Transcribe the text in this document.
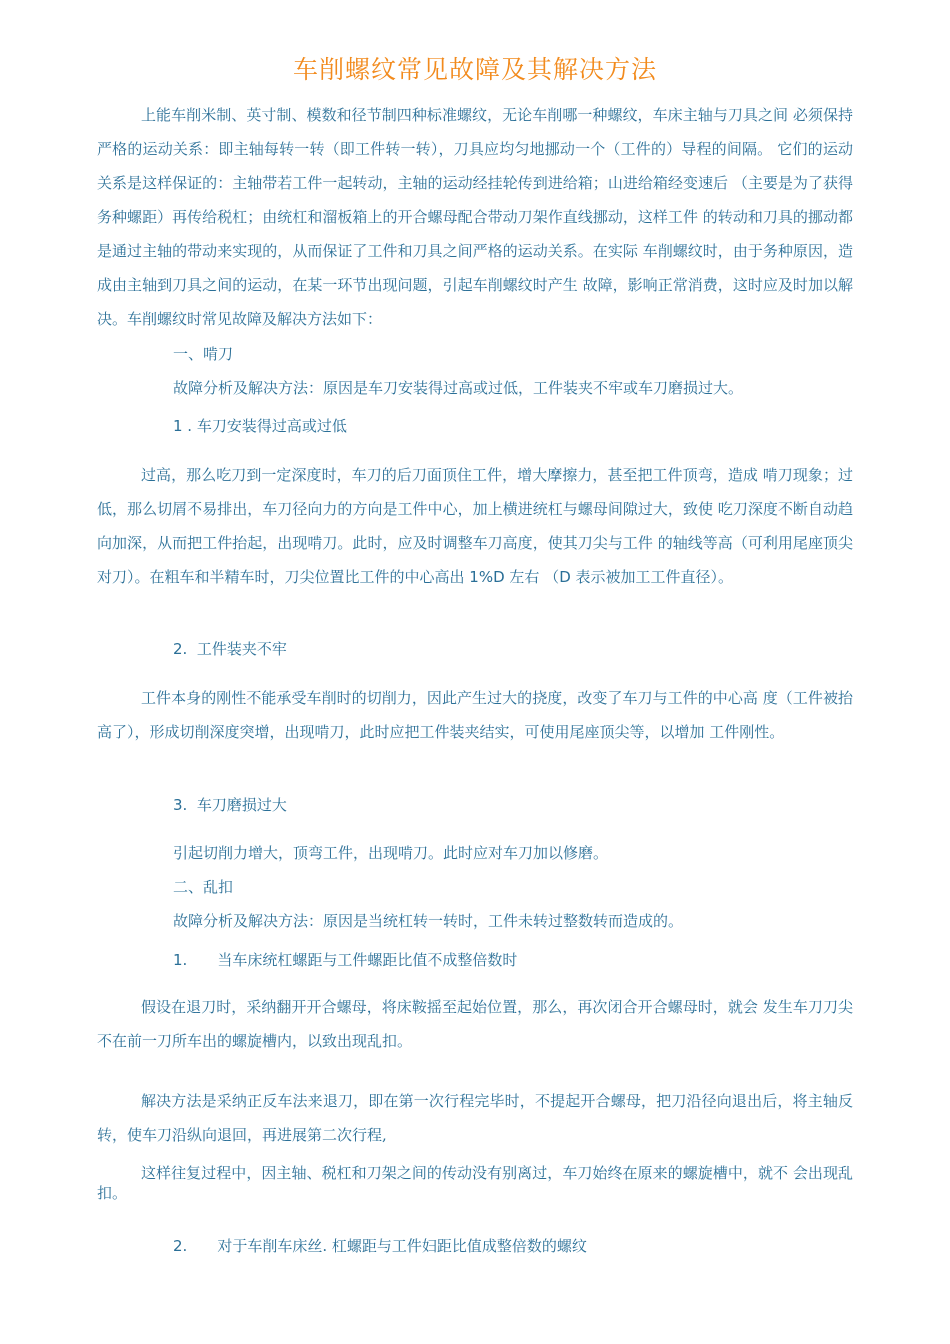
车削螺纹常见故障及其解决方法

上能车削米制、英寸制、模数和径节制四种标准螺纹，无论车削哪一种螺纹，车床主轴与刀具之间 必须保持严格的运动关系：即主轴每转一转（即工件转一转），刀具应均匀地挪动一个（工件的）导程的间隔。 它们的运动关系是这样保证的：主轴带若工件一起转动，主轴的运动经挂轮传到进给箱；山进给箱经变速后 （主要是为了获得务种螺距）再传给税杠；由统杠和溜板箱上的开合螺母配合带动刀架作直线挪动，这样工件 的转动和刀具的挪动都是通过主轴的带动来实现的，从而保证了工件和刀具之间严格的运动关系。在实际 车削螺纹时，由于务种原因，造成由主轴到刀具之间的运动，在某一环节出现问题，引起车削螺纹时产生 故障，影响正常消费，这时应及时加以解决。车削螺纹时常见故障及解决方法如下：

一、啃刀

故障分析及解决方法：原因是车刀安装得过高或过低，工件装夹不牢或车刀磨损过大。

1 . 车刀安装得过高或过低

过高，那么吃刀到一定深度时，车刀的后刀面顶住工件，增大摩擦力，甚至把工件顶弯，造成 啃刀现象；过低，那么切屑不易排出，车刀径向力的方向是工件中心，加上横进统杠与螺母间隙过大，致使 吃刀深度不断自动趋向加深，从而把工件抬起，出现啃刀。此时，应及时调整车刀高度，使其刀尖与工件 的轴线等高（可利用尾座顶尖对刀）。在粗车和半精车时，刀尖位置比工件的中心高出 1%D 左右 （D 表示被加工工件直径）。

2. 工件装夹不牢

工件本身的刚性不能承受车削时的切削力，因此产生过大的挠度，改变了车刀与工件的中心高 度（工件被抬高了），形成切削深度突增，出现啃刀，此时应把工件装夹结实，可使用尾座顶尖等，以增加 工件刚性。

3. 车刀磨损过大

引起切削力增大，顶弯工件，出现啃刀。此时应对车刀加以修磨。

二、乱扣

故障分析及解决方法：原因是当统杠转一转时，工件未转过整数转而造成的。

1. 当车床统杠螺距与工件螺距比值不成整倍数时

假设在退刀时，采纳翻开开合螺母，将床鞍摇至起始位置，那么，再次闭合开合螺母时，就会 发生车刀刀尖不在前一刀所车出的螺旋槽内，以致出现乱扣。

解决方法是采纳正反车法来退刀，即在第一次行程完毕时，不提起开合螺母，把刀沿径向退出后，将主轴反转，使车刀沿纵向退回，再进展第二次行程,

这样往复过程中，因主轴、税杠和刀架之间的传动没有别离过，车刀始终在原来的螺旋槽中，就不 会出现乱扣。

2. 对于车削车床丝. 杠螺距与工件妇距比值成整倍数的螺纹
